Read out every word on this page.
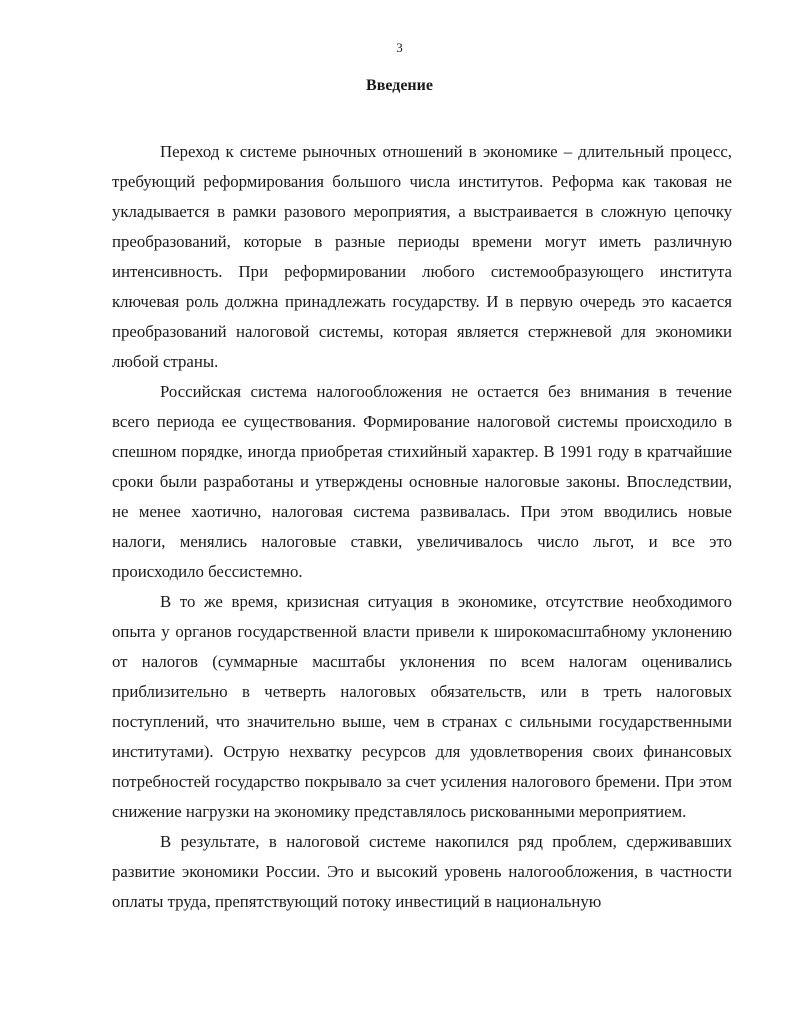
3
Введение

Переход к системе рыночных отношений в экономике – длительный процесс, требующий реформирования большого числа институтов. Реформа как таковая не укладывается в рамки разового мероприятия, а выстраивается в сложную цепочку преобразований, которые в разные периоды времени могут иметь различную интенсивность. При реформировании любого системообразующего института ключевая роль должна принадлежать государству. И в первую очередь это касается преобразований налоговой системы, которая является стержневой для экономики любой страны.

Российская система налогообложения не остается без внимания в течение всего периода ее существования. Формирование налоговой системы происходило в спешном порядке, иногда приобретая стихийный характер. В 1991 году в кратчайшие сроки были разработаны и утверждены основные налоговые законы. Впоследствии, не менее хаотично, налоговая система развивалась. При этом вводились новые налоги, менялись налоговые ставки, увеличивалось число льгот, и все это происходило бессистемно.

В то же время, кризисная ситуация в экономике, отсутствие необходимого опыта у органов государственной власти привели к широкомасштабному уклонению от налогов (суммарные масштабы уклонения по всем налогам оценивались приблизительно в четверть налоговых обязательств, или в треть налоговых поступлений, что значительно выше, чем в странах с сильными государственными институтами). Острую нехватку ресурсов для удовлетворения своих финансовых потребностей государство покрывало за счет усиления налогового бремени. При этом снижение нагрузки на экономику представлялось рискованными мероприятием.

В результате, в налоговой системе накопился ряд проблем, сдерживавших развитие экономики России. Это и высокий уровень налогообложения, в частности оплаты труда, препятствующий потоку инвестиций в национальную
